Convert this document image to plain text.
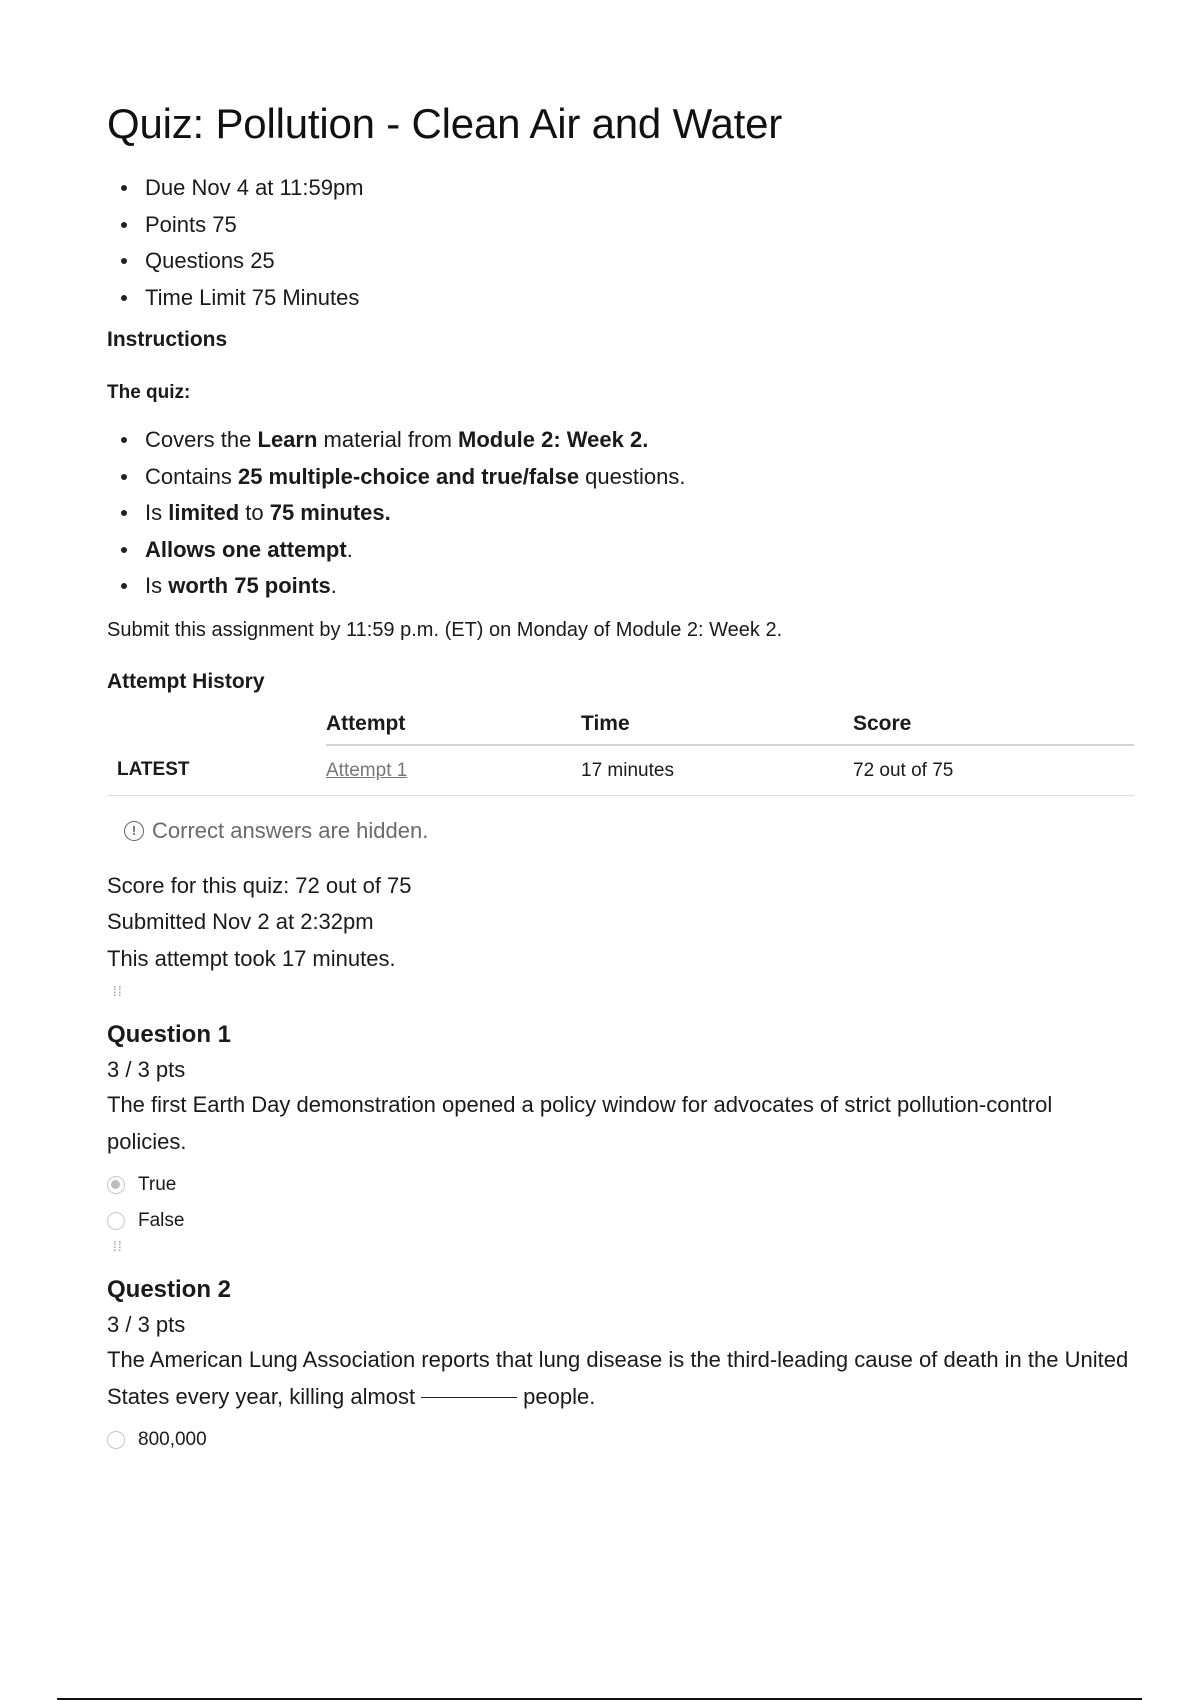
Quiz: Pollution - Clean Air and Water
Due Nov 4 at 11:59pm
Points 75
Questions 25
Time Limit 75 Minutes
Instructions
The quiz:
Covers the Learn material from Module 2: Week 2.
Contains 25 multiple-choice and true/false questions.
Is limited to 75 minutes.
Allows one attempt.
Is worth 75 points.
Submit this assignment by 11:59 p.m. (ET) on Monday of Module 2: Week 2.
Attempt History
	Attempt	Time	Score
LATEST	Attempt 1	17 minutes	72 out of 75
! Correct answers are hidden.
Score for this quiz: 72 out of 75
Submitted Nov 2 at 2:32pm
This attempt took 17 minutes.
⁞⁞
Question 1
3 / 3 pts
The first Earth Day demonstration opened a policy window for advocates of strict pollution-control policies.
True
False
⁞⁞
Question 2
3 / 3 pts
The American Lung Association reports that lung disease is the third-leading cause of death in the United States every year, killing almost	people.
800,000
